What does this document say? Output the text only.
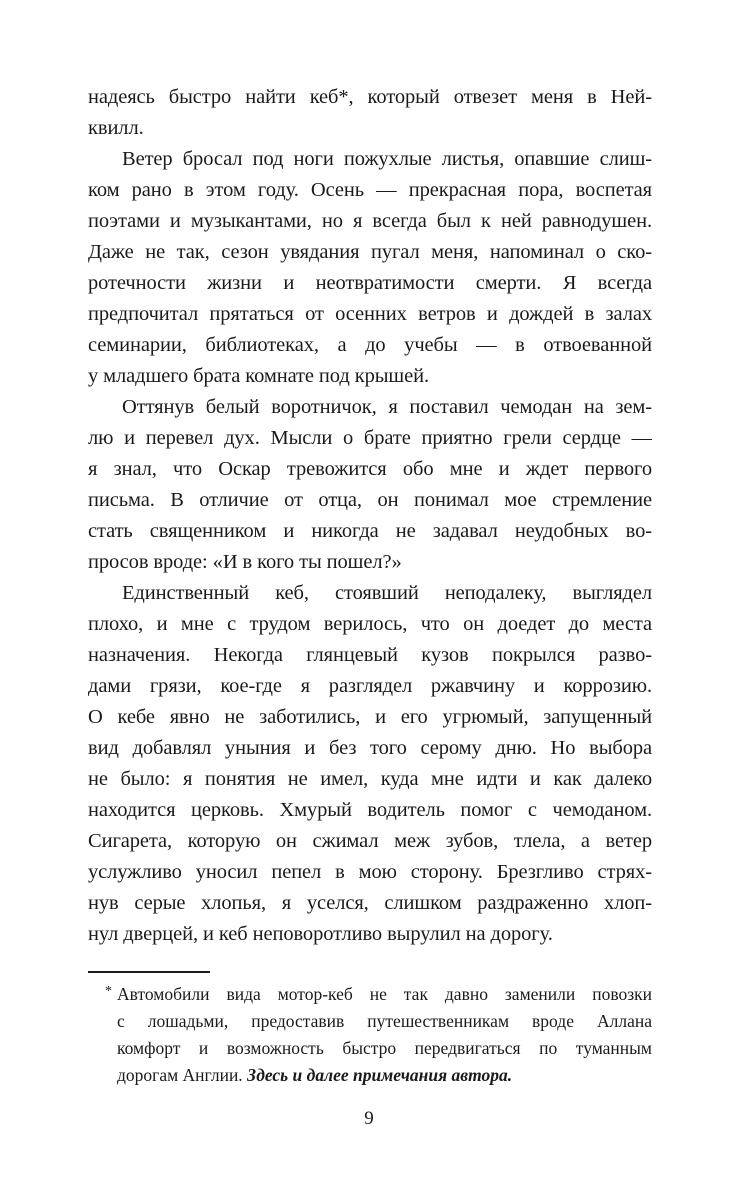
надеясь быстро найти кеб*, который отвезет меня в Ней-
квилл.
Ветер бросал под ноги пожухлые листья, опавшие слиш-
ком рано в этом году. Осень — прекрасная пора, воспетая
поэтами и музыкантами, но я всегда был к ней равнодушен.
Даже не так, сезон увядания пугал меня, напоминал о ско-
ротечности жизни и неотвратимости смерти. Я всегда
предпочитал прятаться от осенних ветров и дождей в залах
семинарии, библиотеках, а до учебы — в отвоеванной
у младшего брата комнате под крышей.
Оттянув белый воротничок, я поставил чемодан на зем-
лю и перевел дух. Мысли о брате приятно грели сердце —
я знал, что Оскар тревожится обо мне и ждет первого
письма. В отличие от отца, он понимал мое стремление
стать священником и никогда не задавал неудобных во-
просов вроде: «И в кого ты пошел?»
Единственный кеб, стоявший неподалеку, выглядел
плохо, и мне с трудом верилось, что он доедет до места
назначения. Некогда глянцевый кузов покрылся разво-
дами грязи, кое-где я разглядел ржавчину и коррозию.
О кебе явно не заботились, и его угрюмый, запущенный
вид добавлял уныния и без того серому дню. Но выбора
не было: я понятия не имел, куда мне идти и как далеко
находится церковь. Хмурый водитель помог с чемоданом.
Сигарета, которую он сжимал меж зубов, тлела, а ветер
услужливо уносил пепел в мою сторону. Брезгливо стрях-
нув серые хлопья, я уселся, слишком раздраженно хлоп-
нул дверцей, и кеб неповоротливо вырулил на дорогу.
* Автомобили вида мотор-кеб не так давно заменили повозки
с лошадьми, предоставив путешественникам вроде Аллана
комфорт и возможность быстро передвигаться по туманным
дорогам Англии. Здесь и далее примечания автора.
9
